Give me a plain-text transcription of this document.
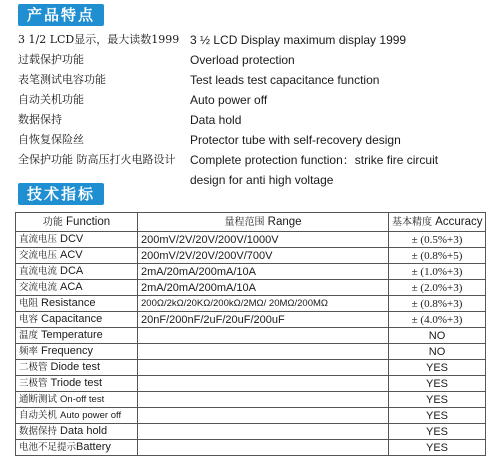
产品特点
3 1/2 LCD显示，最大读数1999 3 ½ LCD Display maximum display 1999
过载保护功能	Overload protection
表笔测试电容功能	Test leads test capacitance function
自动关机功能	Auto power off
数据保持	Data hold
自恢复保险丝	Protector tube with self-recovery design
全保护功能 防高压打火电路设计 Complete protection function：strike fire circuit
design for anti high voltage
技术指标
功能 Function	量程范围 Range	基本精度 Accuracy
直流电压 DCV	200mV/2V/20V/200V/1000V	± (0.5%+3)
交流电压 ACV	200mV/2V/20V/200V/700V	± (0.8%+5)
直流电流 DCA	2mA/20mA/200mA/10A	± (1.0%+3)
交流电流 ACA	2mA/20mA/200mA/10A	± (2.0%+3)
电阻 Resistance	200Ω/2kΩ/20KΩ/200kΩ/2MΩ/ 20MΩ/200MΩ	± (0.8%+3)
电容 Capacitance	20nF/200nF/2uF/20uF/200uF	± (4.0%+3)
温度 Temperature		NO
频率 Frequency		NO
二极管 Diode test		YES
三极管 Triode test		YES
通断测试 On-off test		YES
自动关机 Auto power off		YES
数据保持 Data hold		YES
电池不足提示Battery		YES
